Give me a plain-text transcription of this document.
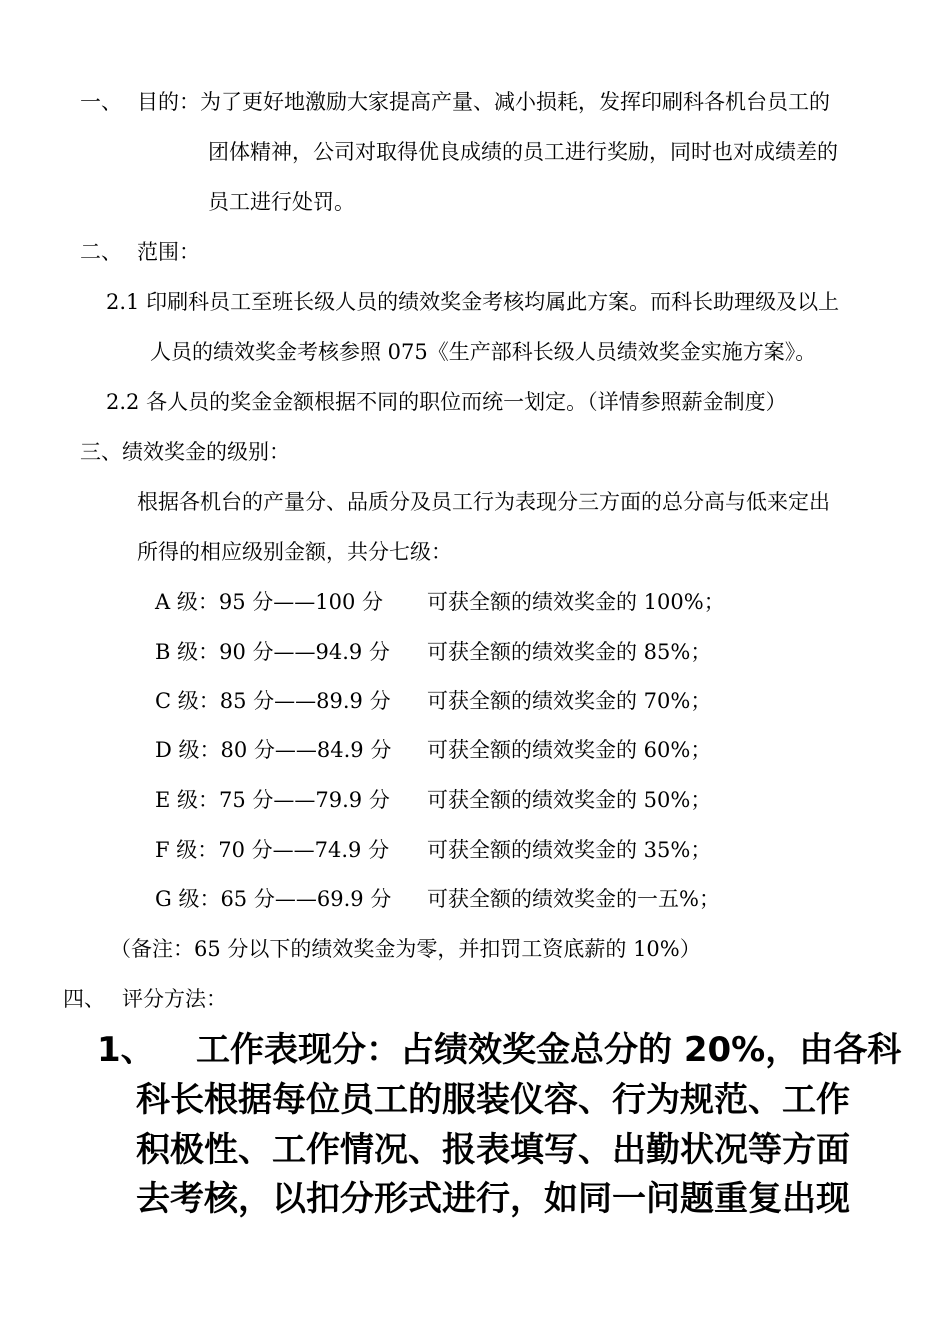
一、 目的：为了更好地激励大家提高产量、减小损耗，发挥印刷科各机台员工的
团体精神，公司对取得优良成绩的员工进行奖励，同时也对成绩差的
员工进行处罚。
二、 范围：
2.1 印刷科员工至班长级人员的绩效奖金考核均属此方案。而科长助理级及以上
人员的绩效奖金考核参照 075《生产部科长级人员绩效奖金实施方案》。
2.2 各人员的奖金金额根据不同的职位而统一划定。（详情参照薪金制度）
三、绩效奖金的级别：
根据各机台的产量分、品质分及员工行为表现分三方面的总分高与低来定出
所得的相应级别金额，共分七级：
A 级：95 分——100 分 可获全额的绩效奖金的 100%；
B 级：90 分——94.9 分 可获全额的绩效奖金的 85%；
C 级：85 分——89.9 分 可获全额的绩效奖金的 70%；
D 级：80 分——84.9 分 可获全额的绩效奖金的 60%；
E 级：75 分——79.9 分 可获全额的绩效奖金的 50%；
F 级：70 分——74.9 分 可获全额的绩效奖金的 35%；
G 级：65 分——69.9 分 可获全额的绩效奖金的一五%；
（备注：65 分以下的绩效奖金为零，并扣罚工资底薪的 10%）
四、 评分方法：
1、 工作表现分：占绩效奖金总分的 20%，由各科
科长根据每位员工的服装仪容、行为规范、工作
积极性、工作情况、报表填写、出勤状况等方面
去考核，以扣分形式进行，如同一问题重复出现
